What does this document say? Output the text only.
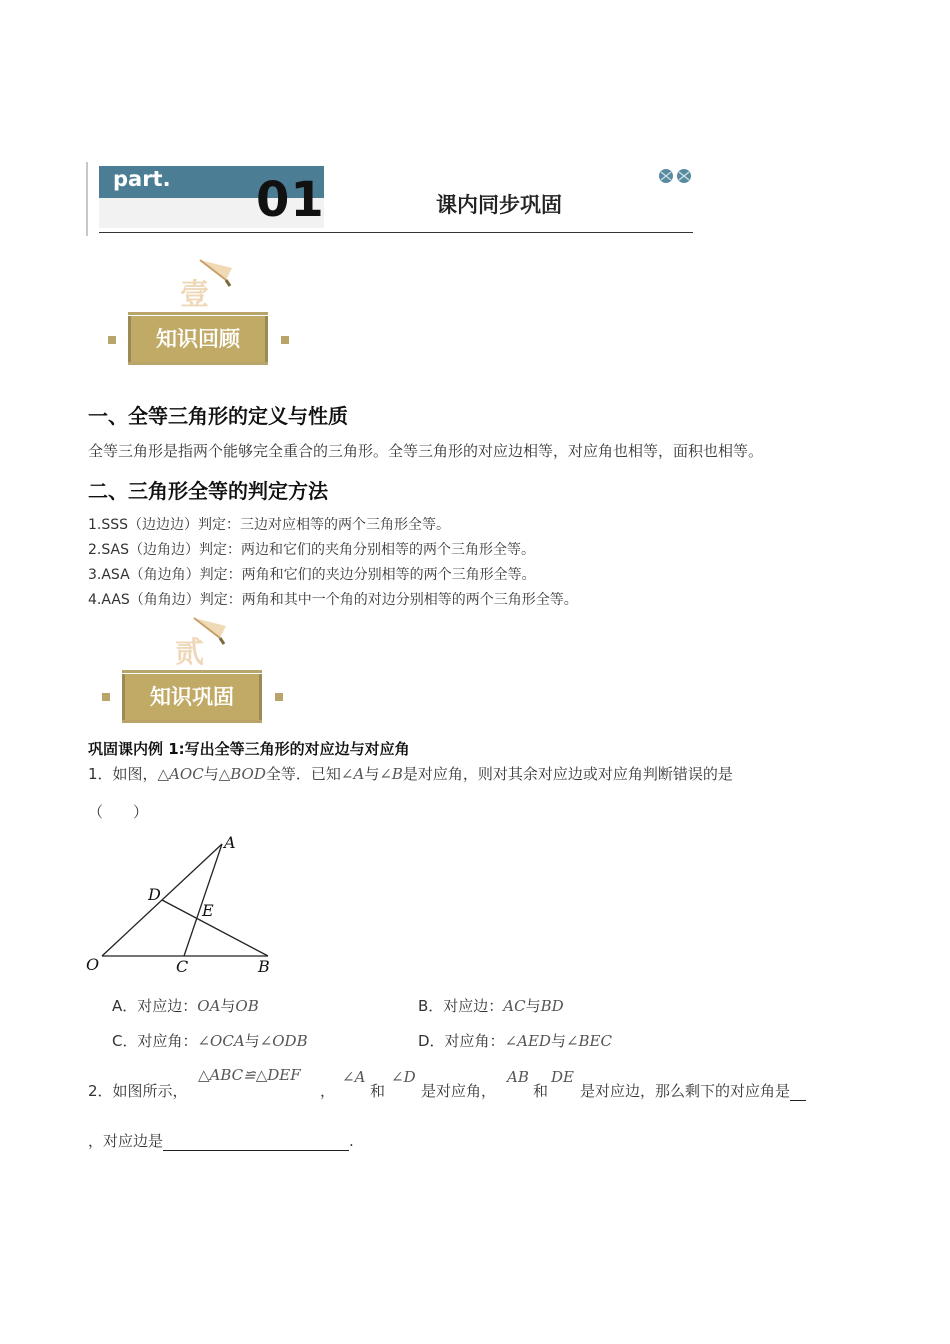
part. 01	课内同步巩固
壹
知识回顾
一、全等三角形的定义与性质
全等三角形是指两个能够完全重合的三角形。全等三角形的对应边相等，对应角也相等，面积也相等。
二、三角形全等的判定方法
1.SSS（边边边）判定：三边对应相等的两个三角形全等。
2.SAS（边角边）判定：两边和它们的夹角分别相等的两个三角形全等。
3.ASA（角边角）判定：两角和它们的夹边分别相等的两个三角形全等。
4.AAS（角角边）判定：两角和其中一个角的对边分别相等的两个三角形全等。
贰
知识巩固
巩固课内例 1:写出全等三角形的对应边与对应角
1．如图，△AOC与△BOD全等．已知∠A与∠B是对应角，则对其余对应边或对应角判断错误的是
（　　）
A
D
E
O	C	B
A．对应边：OA与OB	B．对应边：AC与BD
C．对应角：∠OCA与∠ODB	D．对应角：∠AED与∠BEC
2．如图所示，
△ABC≌△DEF
，
∠A
和
∠D
是对应角，
AB
和
DE
是对应边，那么剩下的对应角是
，对应边是	.
